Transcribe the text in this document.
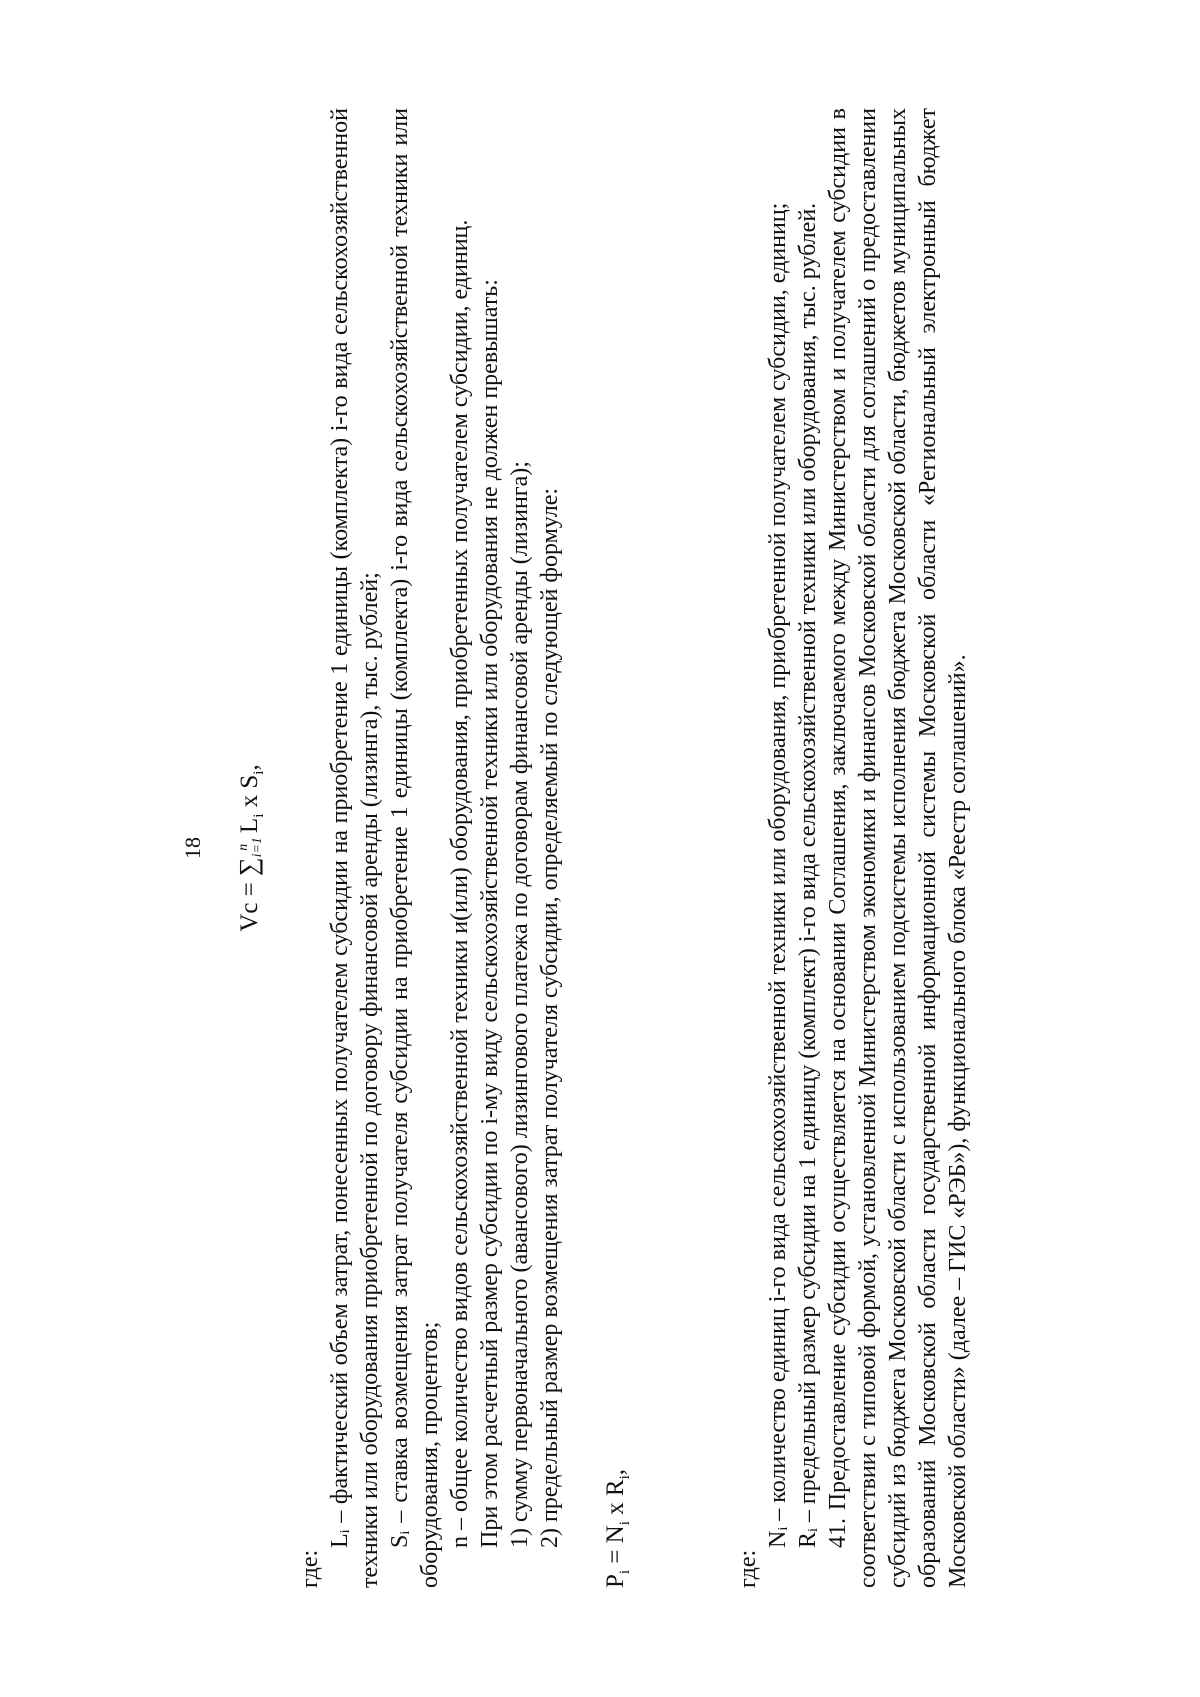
18
Vc = ∑n
$i=1L_i$ x $S_i$,

где:

Lᵢ – фактический объем затрат, понесенных получателем субсидии на приобретение 1 единицы (комплекта) i-го вида сельскохозяйственной техники или оборудования приобретенной по договору финансовой аренды (лизинга), тыс. рублей; Sᵢ – ставка возмещения затрат получателя субсидии на приобретение 1 единицы (комплекта) i-го вида сельскохозяйственной техники или оборудования, процентов; n – общее количество видов сельскохозяйственной техники и(или) оборудования, приобретенных получателем субсидии, единиц. При этом расчетный размер субсидии по i-му виду сельскохозяйственной техники или оборудования не должен превышать: 1) сумму первоначального (авансового) лизингового платежа по договорам финансовой аренды (лизинга); 2) предельный размер возмещения затрат получателя субсидии, определяемый по следующей формуле:

$P_i = N_i$ x $R_i$,

где:

Nᵢ – количество единиц i-го вида сельскохозяйственной техники или оборудования, приобретенной получателем субсидии, единиц; Rᵢ – предельный размер субсидии на 1 единицу (комплект) i-го вида сельскохозяйственной техники или оборудования, тыс. рублей. 41. Предоставление субсидии осуществляется на основании Соглашения, заключаемого между Министерством и получателем субсидии в соответствии с типовой формой, установленной Министерством экономики и финансов Московской области для соглашений о предоставлении субсидий из бюджета Московской области с использованием подсистемы исполнения бюджета Московской области, бюджетов муниципальных образований Московской области государственной информационной системы Московской области «Региональный электронный бюджет Московской области» (далее – ГИС «РЭБ»), функционального блока «Реестр соглашений».
